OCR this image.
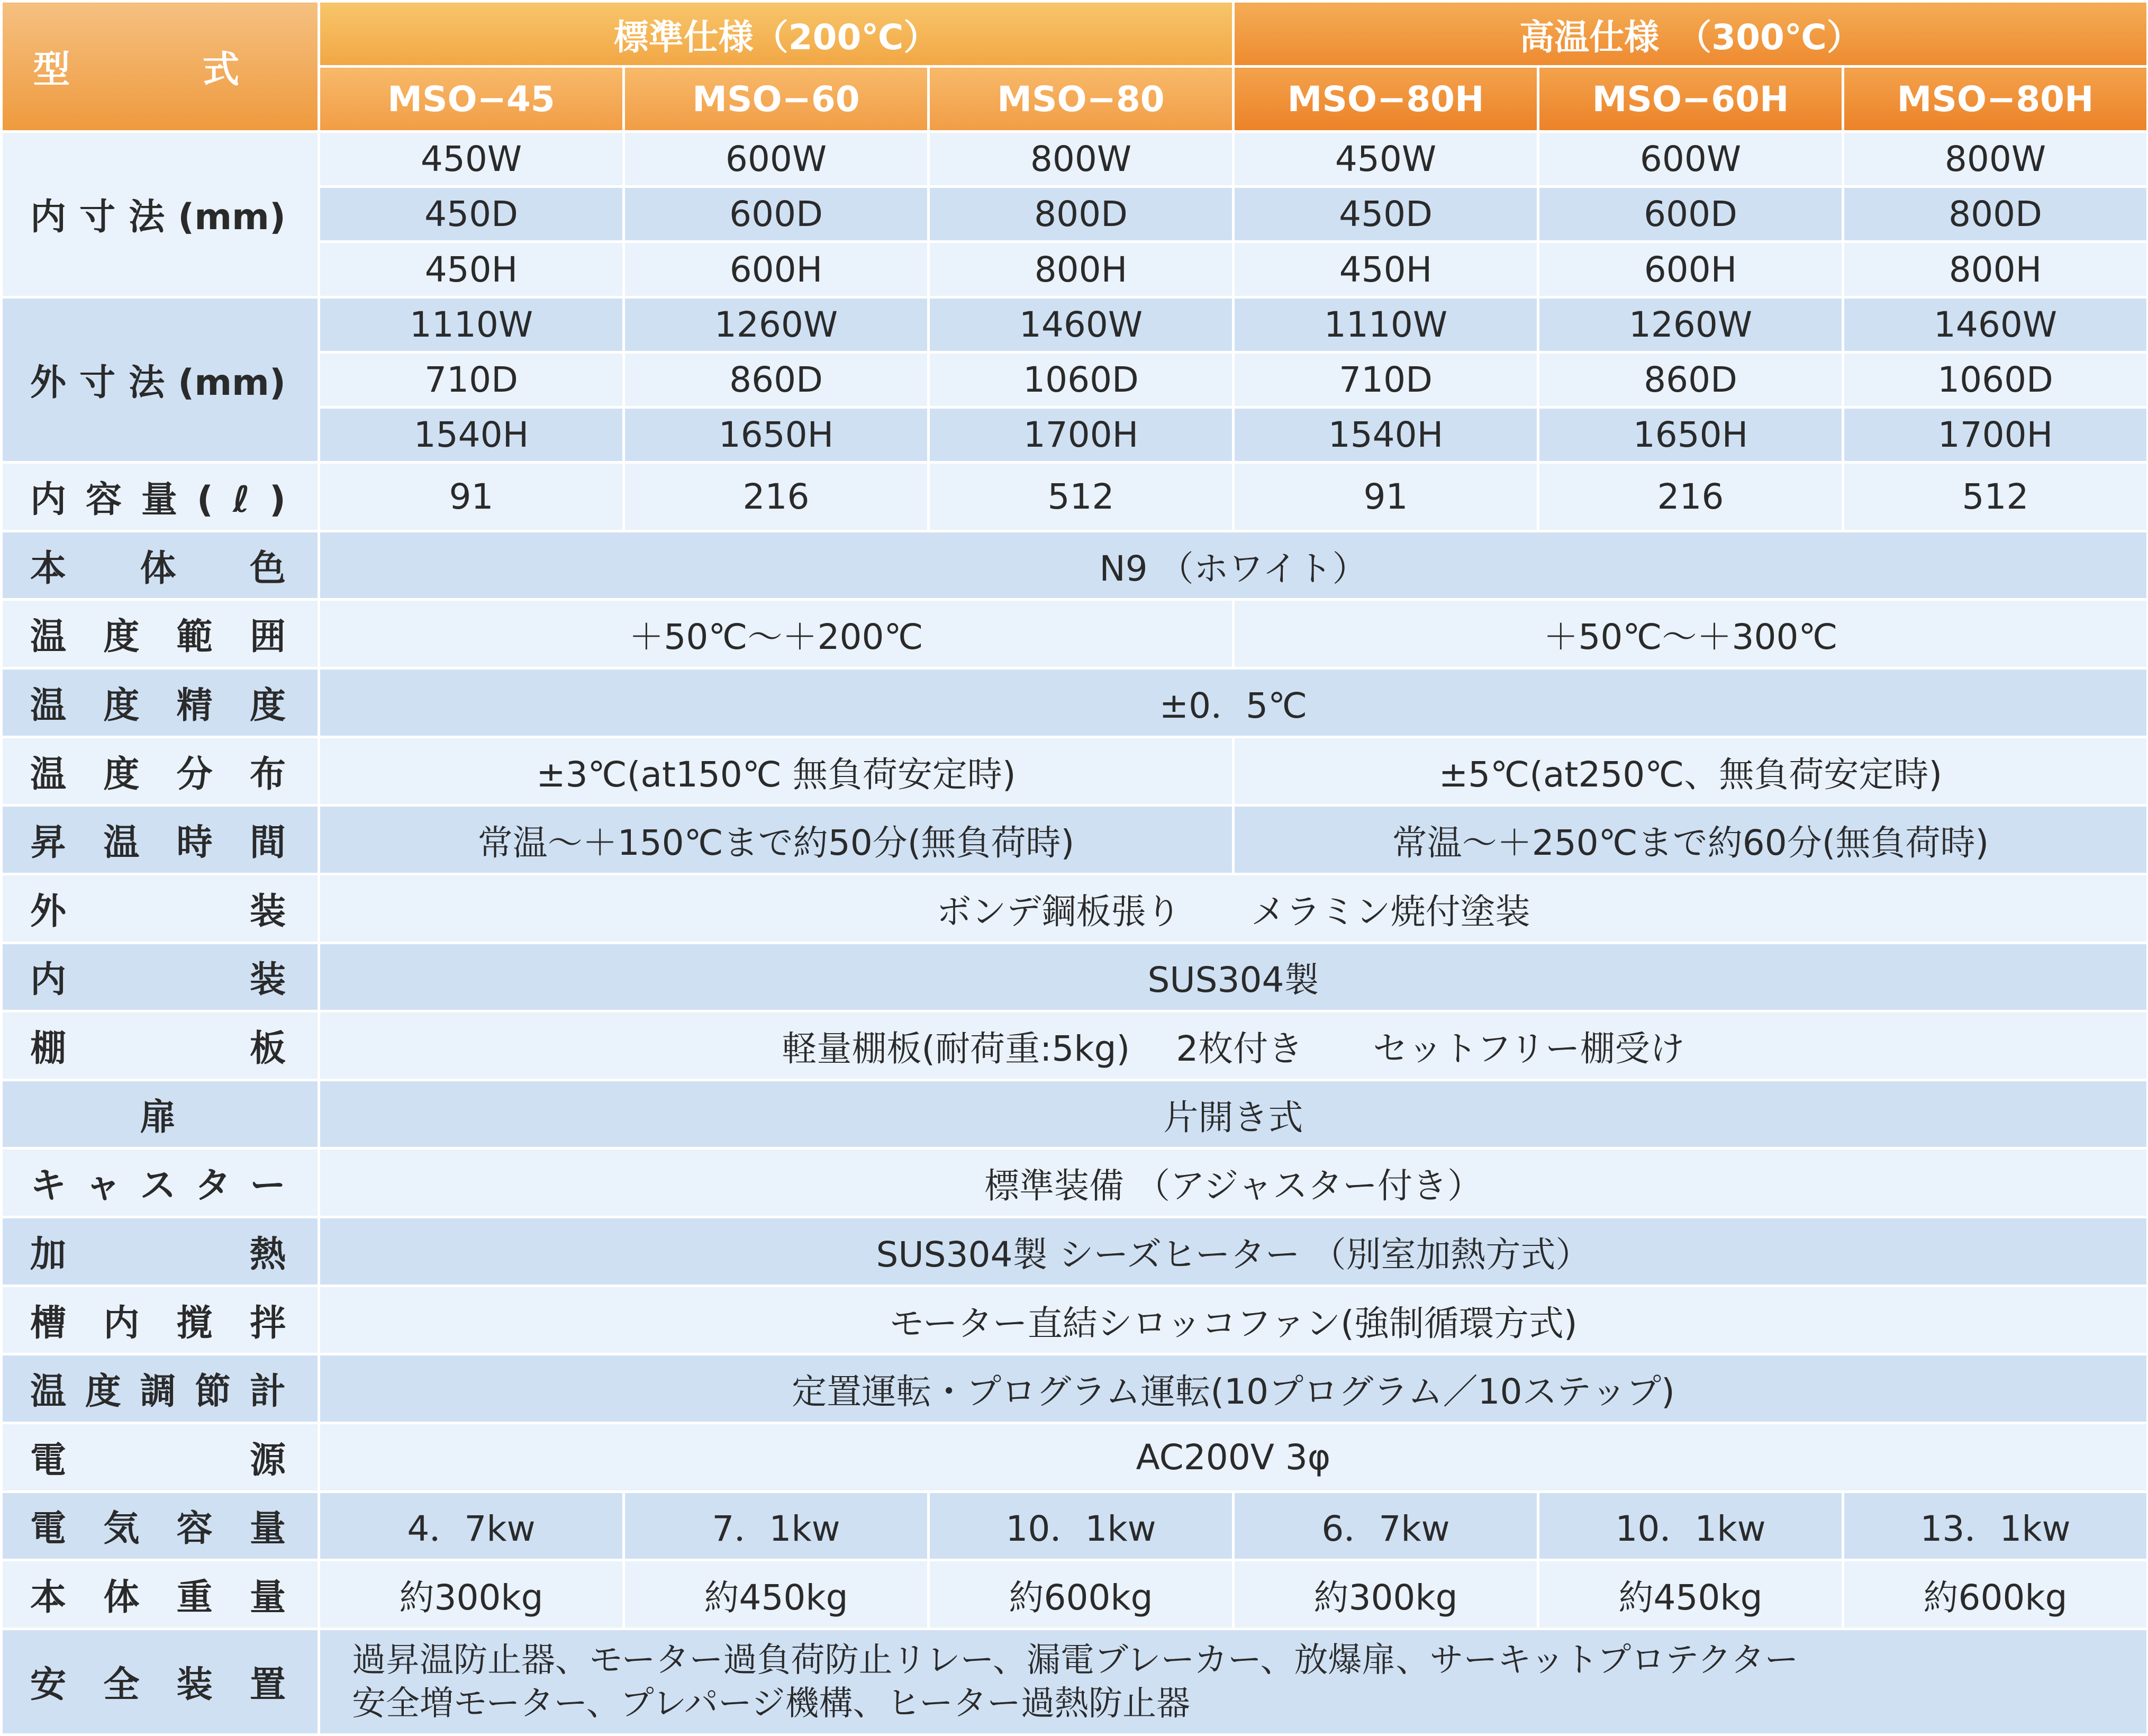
型　式	標準仕様（200℃）			高温仕様　（300℃）		
	MSO−45	MSO−60	MSO−80	MSO−80H	MSO−60H	MSO−80H
内寸法(mm)	450W	600W	800W	450W	600W	800W
	450D	600D	800D	450D	600D	800D
	450H	600H	800H	450H	600H	800H
外寸法(mm)	1110W	1260W	1460W	1110W	1260W	1460W
	710D	860D	1060D	710D	860D	1060D
	1540H	1650H	1700H	1540H	1650H	1700H
内容量(ℓ)	91	216	512	91	216	512
本体色	N9 （ホワイト）					
温度範囲	＋50℃〜＋200℃			＋50℃〜＋300℃		
温度精度	±0．5℃					
温度分布	±3℃(at150℃ 無負荷安定時)			±5℃(at250℃、無負荷安定時)		
昇温時間	常温〜＋150℃まで約50分(無負荷時)			常温〜＋250℃まで約60分(無負荷時)		
外装	ボンデ鋼板張り　　メラミン焼付塗装					
内装	SUS304製					
棚板	軽量棚板(耐荷重:5kg)　 2枚付き　　セットフリー棚受け					
扉	片開き式					
キャスター	標準装備 （アジャスター付き）					
加熱	SUS304製 シーズヒーター （別室加熱方式）					
槽内撹拌	モーター直結シロッコファン(強制循環方式)					
温度調節計	定置運転・プログラム運転(10プログラム／10ステップ)					
電源	AC200V 3φ					
電気容量	4．7kw	7．1kw	10．1kw	6．7kw	10．1kw	13．1kw
本体重量	約300kg	約450kg	約600kg	約300kg	約450kg	約600kg
安全装置	過昇温防止器、モーター過負荷防止リレー、漏電ブレーカー、放爆扉、サーキットプロテクター
安全増モーター、プレパージ機構、ヒーター過熱防止器					
